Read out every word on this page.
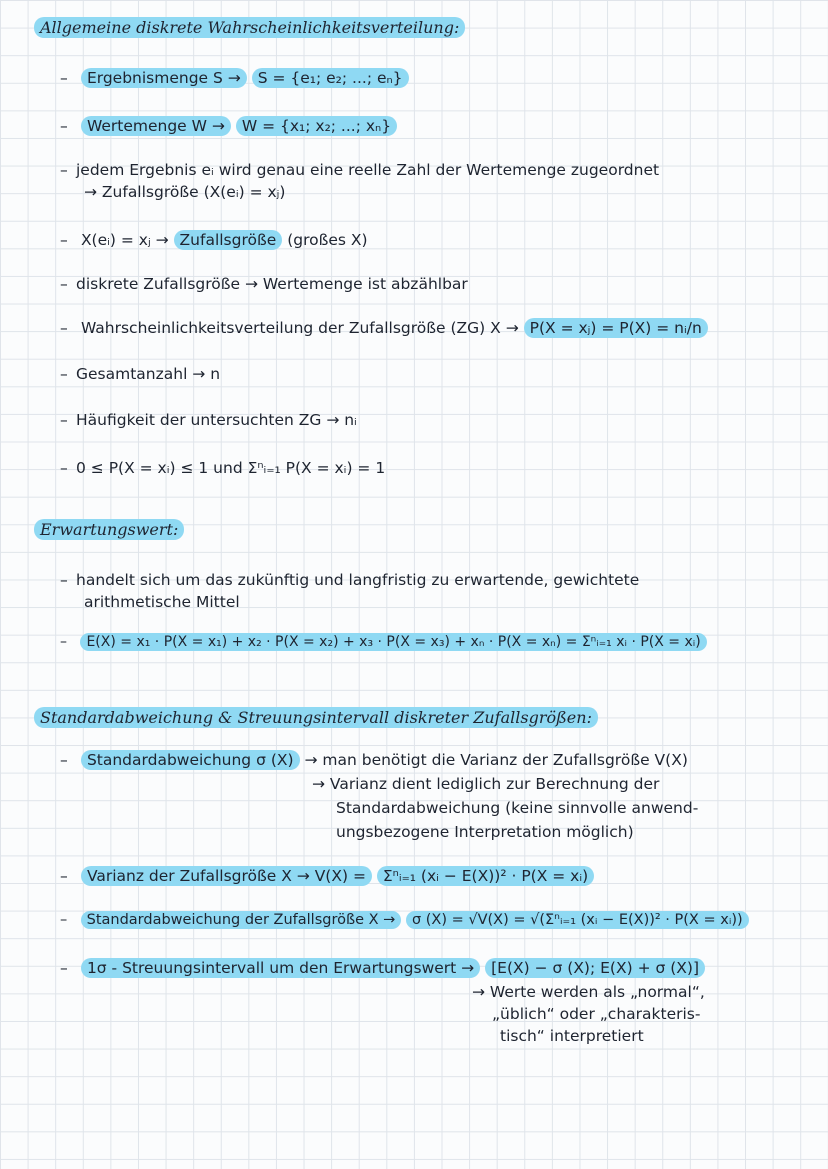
Allgemeine diskrete Wahrscheinlichkeitsverteilung:
– Ergebnismenge S → S = {e₁; e₂; ...; eₙ}
– Wertemenge W → W = {x₁; x₂; ...; xₙ}
– jedem Ergebnis eᵢ wird genau eine reelle Zahl der Wertemenge zugeordnet
→ Zufallsgröße (X(eᵢ) = xⱼ)
– X(eᵢ) = xⱼ → Zufallsgröße (großes X)
– diskrete Zufallsgröße → Wertemenge ist abzählbar
– Wahrscheinlichkeitsverteilung der Zufallsgröße (ZG) X → P(X = xⱼ) = P(X) = nᵢ/n
– Gesamtanzahl → n
– Häufigkeit der untersuchten ZG → nᵢ
– 0 ≤ P(X = xᵢ) ≤ 1 und Σⁿᵢ₌₁ P(X = xᵢ) = 1
Erwartungswert:
– handelt sich um das zukünftig und langfristig zu erwartende, gewichtete
arithmetische Mittel
– E(X) = x₁ · P(X = x₁) + x₂ · P(X = x₂) + x₃ · P(X = x₃) + xₙ · P(X = xₙ) = Σⁿᵢ₌₁ xᵢ · P(X = xᵢ)
Standardabweichung & Streuungsintervall diskreter Zufallsgrößen:
– Standardabweichung σ (X) → man benötigt die Varianz der Zufallsgröße V(X)
→ Varianz dient lediglich zur Berechnung der
Standardabweichung (keine sinnvolle anwend-
ungsbezogene Interpretation möglich)
– Varianz der Zufallsgröße X → V(X) = Σⁿᵢ₌₁ (xᵢ − E(X))² · P(X = xᵢ)
– Standardabweichung der Zufallsgröße X → σ (X) = √V(X) = √(Σⁿᵢ₌₁ (xᵢ − E(X))² · P(X = xᵢ))
– 1σ - Streuungsintervall um den Erwartungswert → [E(X) − σ (X); E(X) + σ (X)]
→ Werte werden als „normal“,
„üblich“ oder „charakteris-
tisch“ interpretiert
